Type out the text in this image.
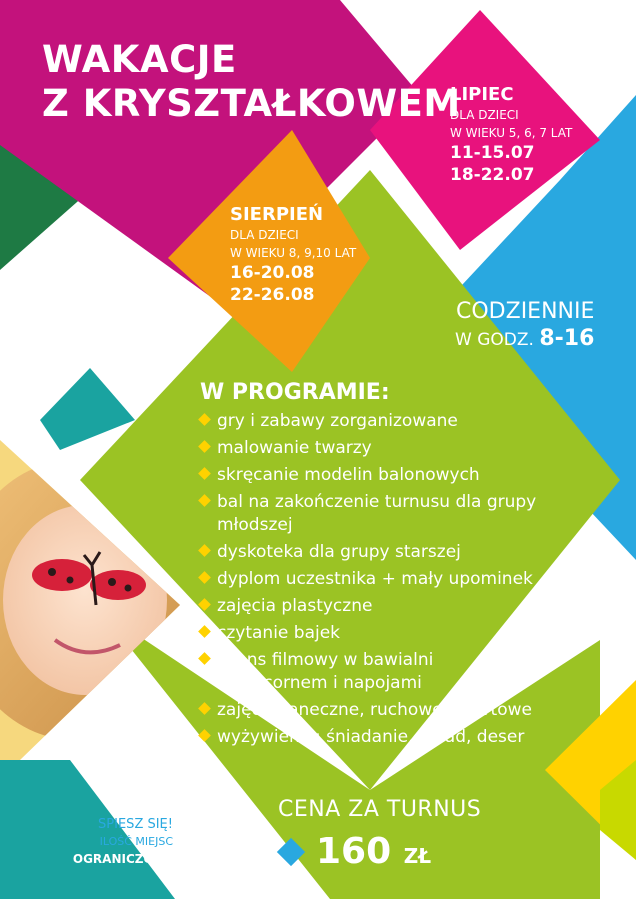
WAKACJE
Z KRYSZTAŁKOWEM
LIPIEC
DLA DZIECI
W WIEKU 5, 6, 7 LAT
11-15.07
18-22.07
SIERPIEŃ
DLA DZIECI
W WIEKU 8, 9,10 LAT
16-20.08
22-26.08
CODZIENNIE
W GODZ. 8-16
W PROGRAMIE:
gry i zabawy zorganizowane
malowanie twarzy
skręcanie modelin balonowych
bal na zakończenie turnusu dla grupy
młodszej
dyskoteka dla grupy starszej
dyplom uczestnika + mały upominek
zajęcia plastyczne
czytanie bajek
seans filmowy w bawialni
z popcornem i napojami
zajęcia taneczne, ruchowe, sportowe
wyżywienie: śniadanie, obiad, deser
CENA ZA TURNUS
160 ZŁ
SPIESZ SIĘ!
ILOŚĆ MIEJSC
OGRANICZONA
